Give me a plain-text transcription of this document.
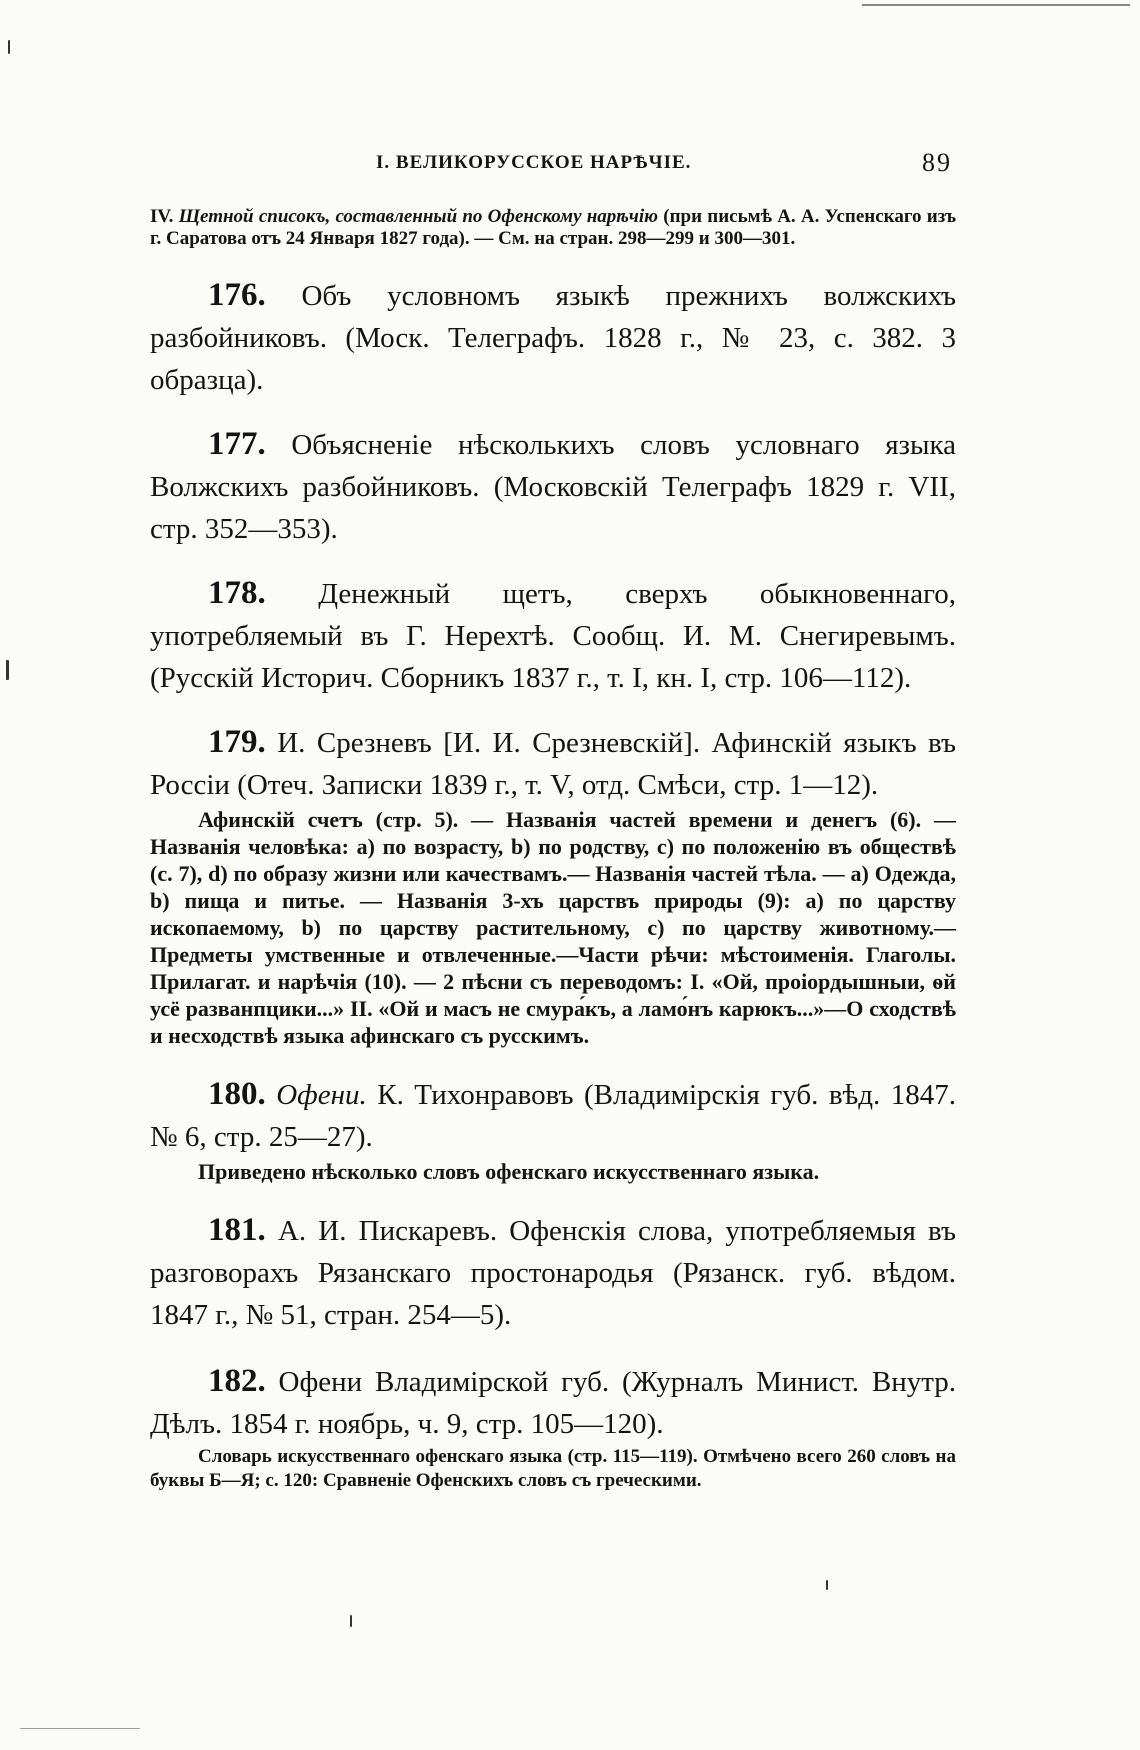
I. ВЕЛИКОРУССКОЕ НАРѢЧІЕ.	89

IV. Щетной списокъ, составленный по Офенскому нарѣчію (при письмѣ А. А. Успенскаго изъ г. Саратова отъ 24 Января 1827 года). — См. на стран. 298—299 и 300—301.

176. Объ условномъ языкѣ прежнихъ волжскихъ разбойниковъ. (Моск. Телеграфъ. 1828 г., № 23, с. 382. 3 образца).

177. Объясненіе нѣсколькихъ словъ условнаго языка Волжскихъ разбойниковъ. (Московскій Телеграфъ 1829 г. VII, стр. 352—353).

178. Денежный щетъ, сверхъ обыкновеннаго, употребляемый въ Г. Нерехтѣ. Сообщ. И. М. Снегиревымъ. (Русскій Историч. Сборникъ 1837 г., т. I, кн. I, стр. 106—112).

179. И. Срезневъ [И. И. Срезневскій]. Афинскій языкъ въ Россіи (Отеч. Записки 1839 г., т. V, отд. Смѣси, стр. 1—12).

Афинскій счетъ (стр. 5). — Названія частей времени и денегъ (6). — Названія человѣка: a) по возрасту, b) по родству, c) по положенію въ обществѣ (с. 7), d) по образу жизни или качествамъ.— Названія частей тѣла. — a) Одежда, b) пища и питье. — Названія 3-хъ царствъ природы (9): a) по царству ископаемому, b) по царству растительному, c) по царству животному.—Предметы умственные и отвлеченные.—Части рѣчи: мѣстоименія. Глаголы. Прилагат. и нарѣчія (10). — 2 пѣсни съ переводомъ: I. «Ой, проіордышныи, ѳй усё разванпцики...» II. «Ой и масъ не смура́къ, а ламо́нъ карюкъ...»—О сходствѣ и несходствѣ языка афинскаго съ русскимъ.

180. Офени. К. Тихонравовъ (Владимірскія губ. вѣд. 1847. № 6, стр. 25—27).

Приведено нѣсколько словъ офенскаго искусственнаго языка.

181. А. И. Пискаревъ. Офенскія слова, употребляемыя въ разговорахъ Рязанскаго простонародья (Рязанск. губ. вѣдом. 1847 г., № 51, стран. 254—5).

182. Офени Владимірской губ. (Журналъ Минист. Внутр. Дѣлъ. 1854 г. ноябрь, ч. 9, стр. 105—120).

Словарь искусственнаго офенскаго языка (стр. 115—119). Отмѣчено всего 260 словъ на буквы Б—Я; с. 120: Сравненіе Офенскихъ словъ съ греческими.
